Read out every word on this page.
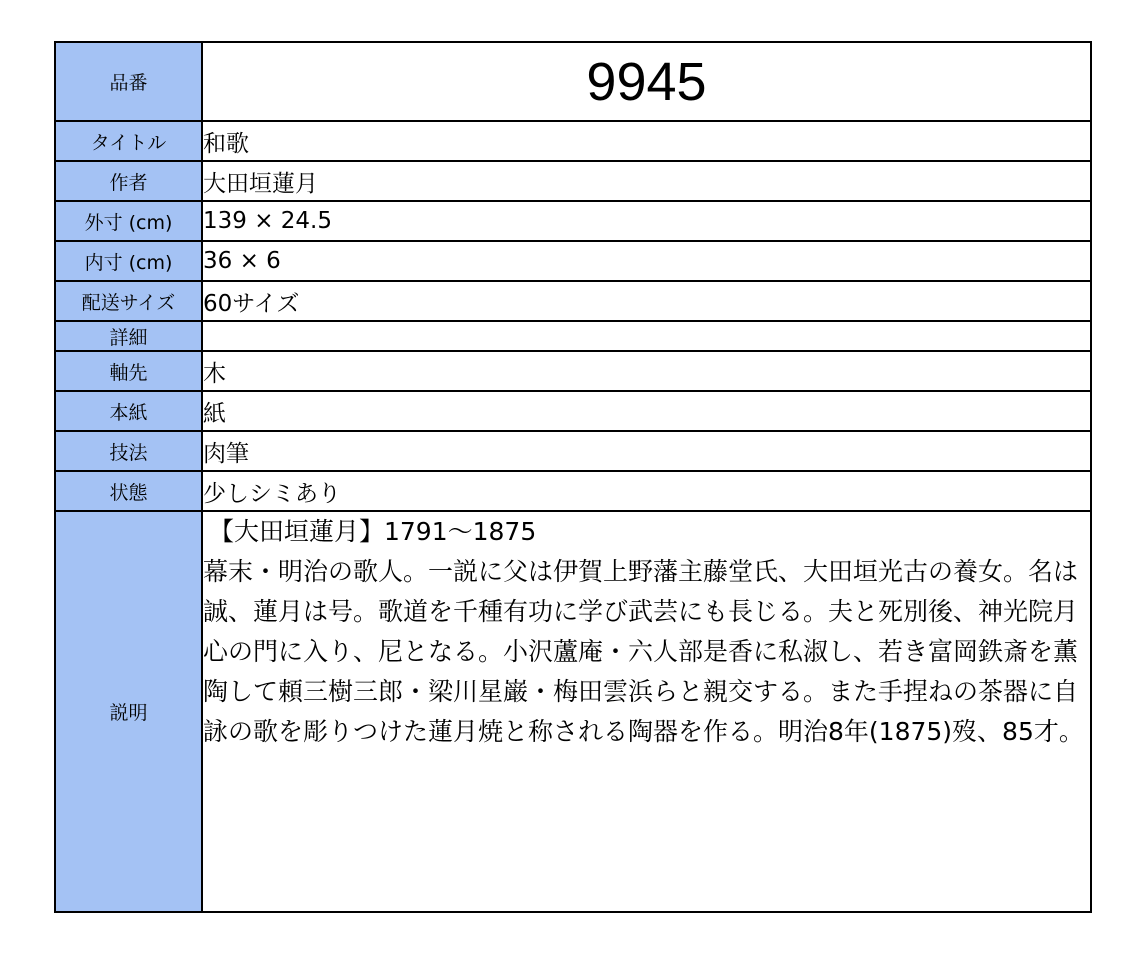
品番	9945
タイトル	和歌
作者	大田垣蓮月
外寸 (cm)	139 × 24.5
内寸 (cm)	36 × 6
配送サイズ	60サイズ
詳細	
軸先	木
本紙	紙
技法	肉筆
状態	少しシミあり
説明	【大田垣蓮月】1791〜1875
幕末・明治の歌人。一説に父は伊賀上野藩主藤堂氏、大田垣光古の養女。名は誠、蓮月は号。歌道を千種有功に学び武芸にも長じる。夫と死別後、神光院月心の門に入り、尼となる。小沢蘆庵・六人部是香に私淑し、若き富岡鉄斎を薫陶して頼三樹三郎・梁川星巌・梅田雲浜らと親交する。また手捏ねの茶器に自詠の歌を彫りつけた蓮月焼と称される陶器を作る。明治8年(1875)歿、85才。
